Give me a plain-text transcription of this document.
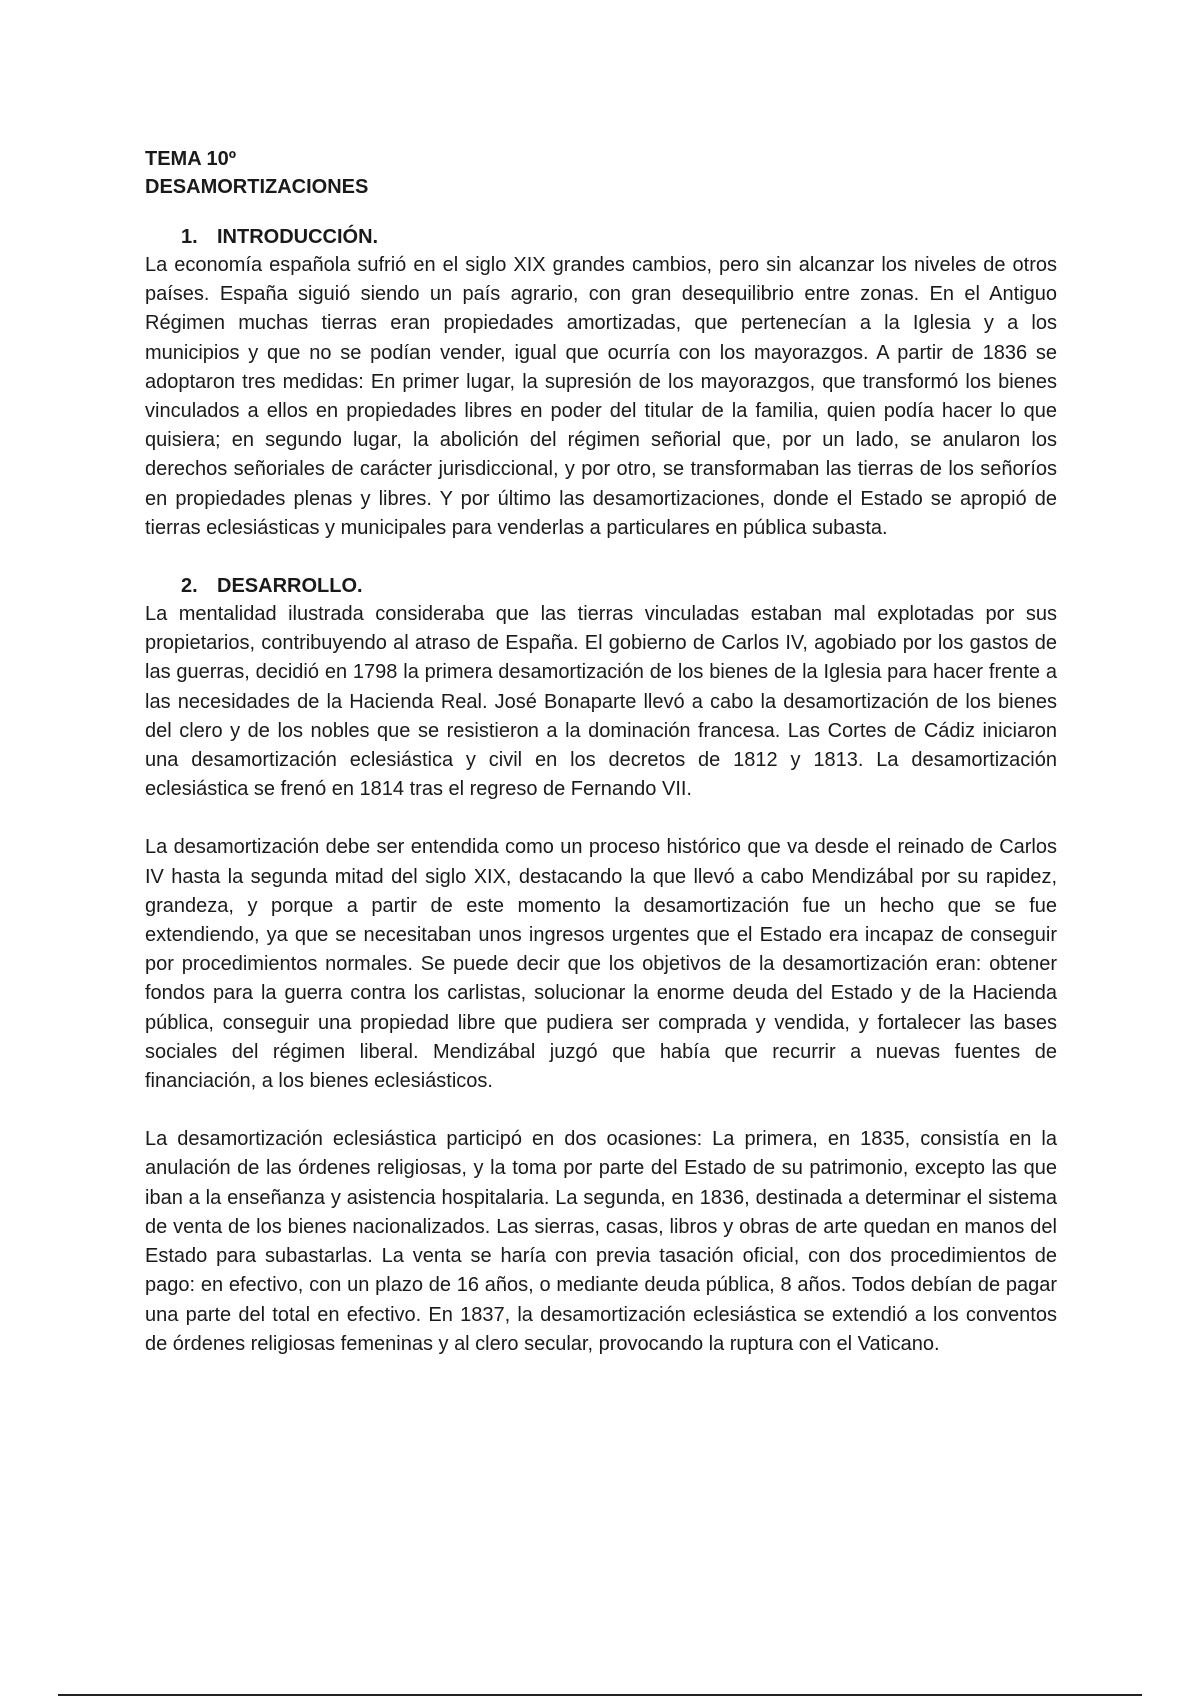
TEMA 10º

DESAMORTIZACIONES

1. INTRODUCCIÓN.

La economía española sufrió en el siglo XIX grandes cambios, pero sin alcanzar los niveles de otros países. España siguió siendo un país agrario, con gran desequilibrio entre zonas. En el Antiguo Régimen muchas tierras eran propiedades amortizadas, que pertenecían a la Iglesia y a los municipios y que no se podían vender, igual que ocurría con los mayorazgos. A partir de 1836 se adoptaron tres medidas: En primer lugar, la supresión de los mayorazgos, que transformó los bienes vinculados a ellos en propiedades libres en poder del titular de la familia, quien podía hacer lo que quisiera; en segundo lugar, la abolición del régimen señorial que, por un lado, se anularon los derechos señoriales de carácter jurisdiccional, y por otro, se transformaban las tierras de los señoríos en propiedades plenas y libres. Y por último las desamortizaciones, donde el Estado se apropió de tierras eclesiásticas y municipales para venderlas a particulares en pública subasta.

2. DESARROLLO.

La mentalidad ilustrada consideraba que las tierras vinculadas estaban mal explotadas por sus propietarios, contribuyendo al atraso de España. El gobierno de Carlos IV, agobiado por los gastos de las guerras, decidió en 1798 la primera desamortización de los bienes de la Iglesia para hacer frente a las necesidades de la Hacienda Real. José Bonaparte llevó a cabo la desamortización de los bienes del clero y de los nobles que se resistieron a la dominación francesa. Las Cortes de Cádiz iniciaron una desamortización eclesiástica y civil en los decretos de 1812 y 1813. La desamortización eclesiástica se frenó en 1814 tras el regreso de Fernando VII.

La desamortización debe ser entendida como un proceso histórico que va desde el reinado de Carlos IV hasta la segunda mitad del siglo XIX, destacando la que llevó a cabo Mendizábal por su rapidez, grandeza, y porque a partir de este momento la desamortización fue un hecho que se fue extendiendo, ya que se necesitaban unos ingresos urgentes que el Estado era incapaz de conseguir por procedimientos normales. Se puede decir que los objetivos de la desamortización eran: obtener fondos para la guerra contra los carlistas, solucionar la enorme deuda del Estado y de la Hacienda pública, conseguir una propiedad libre que pudiera ser comprada y vendida, y fortalecer las bases sociales del régimen liberal. Mendizábal juzgó que había que recurrir a nuevas fuentes de financiación, a los bienes eclesiásticos.

La desamortización eclesiástica participó en dos ocasiones: La primera, en 1835, consistía en la anulación de las órdenes religiosas, y la toma por parte del Estado de su patrimonio, excepto las que iban a la enseñanza y asistencia hospitalaria. La segunda, en 1836, destinada a determinar el sistema de venta de los bienes nacionalizados. Las sierras, casas, libros y obras de arte quedan en manos del Estado para subastarlas. La venta se haría con previa tasación oficial, con dos procedimientos de pago: en efectivo, con un plazo de 16 años, o mediante deuda pública, 8 años. Todos debían de pagar una parte del total en efectivo. En 1837, la desamortización eclesiástica se extendió a los conventos de órdenes religiosas femeninas y al clero secular, provocando la ruptura con el Vaticano.
